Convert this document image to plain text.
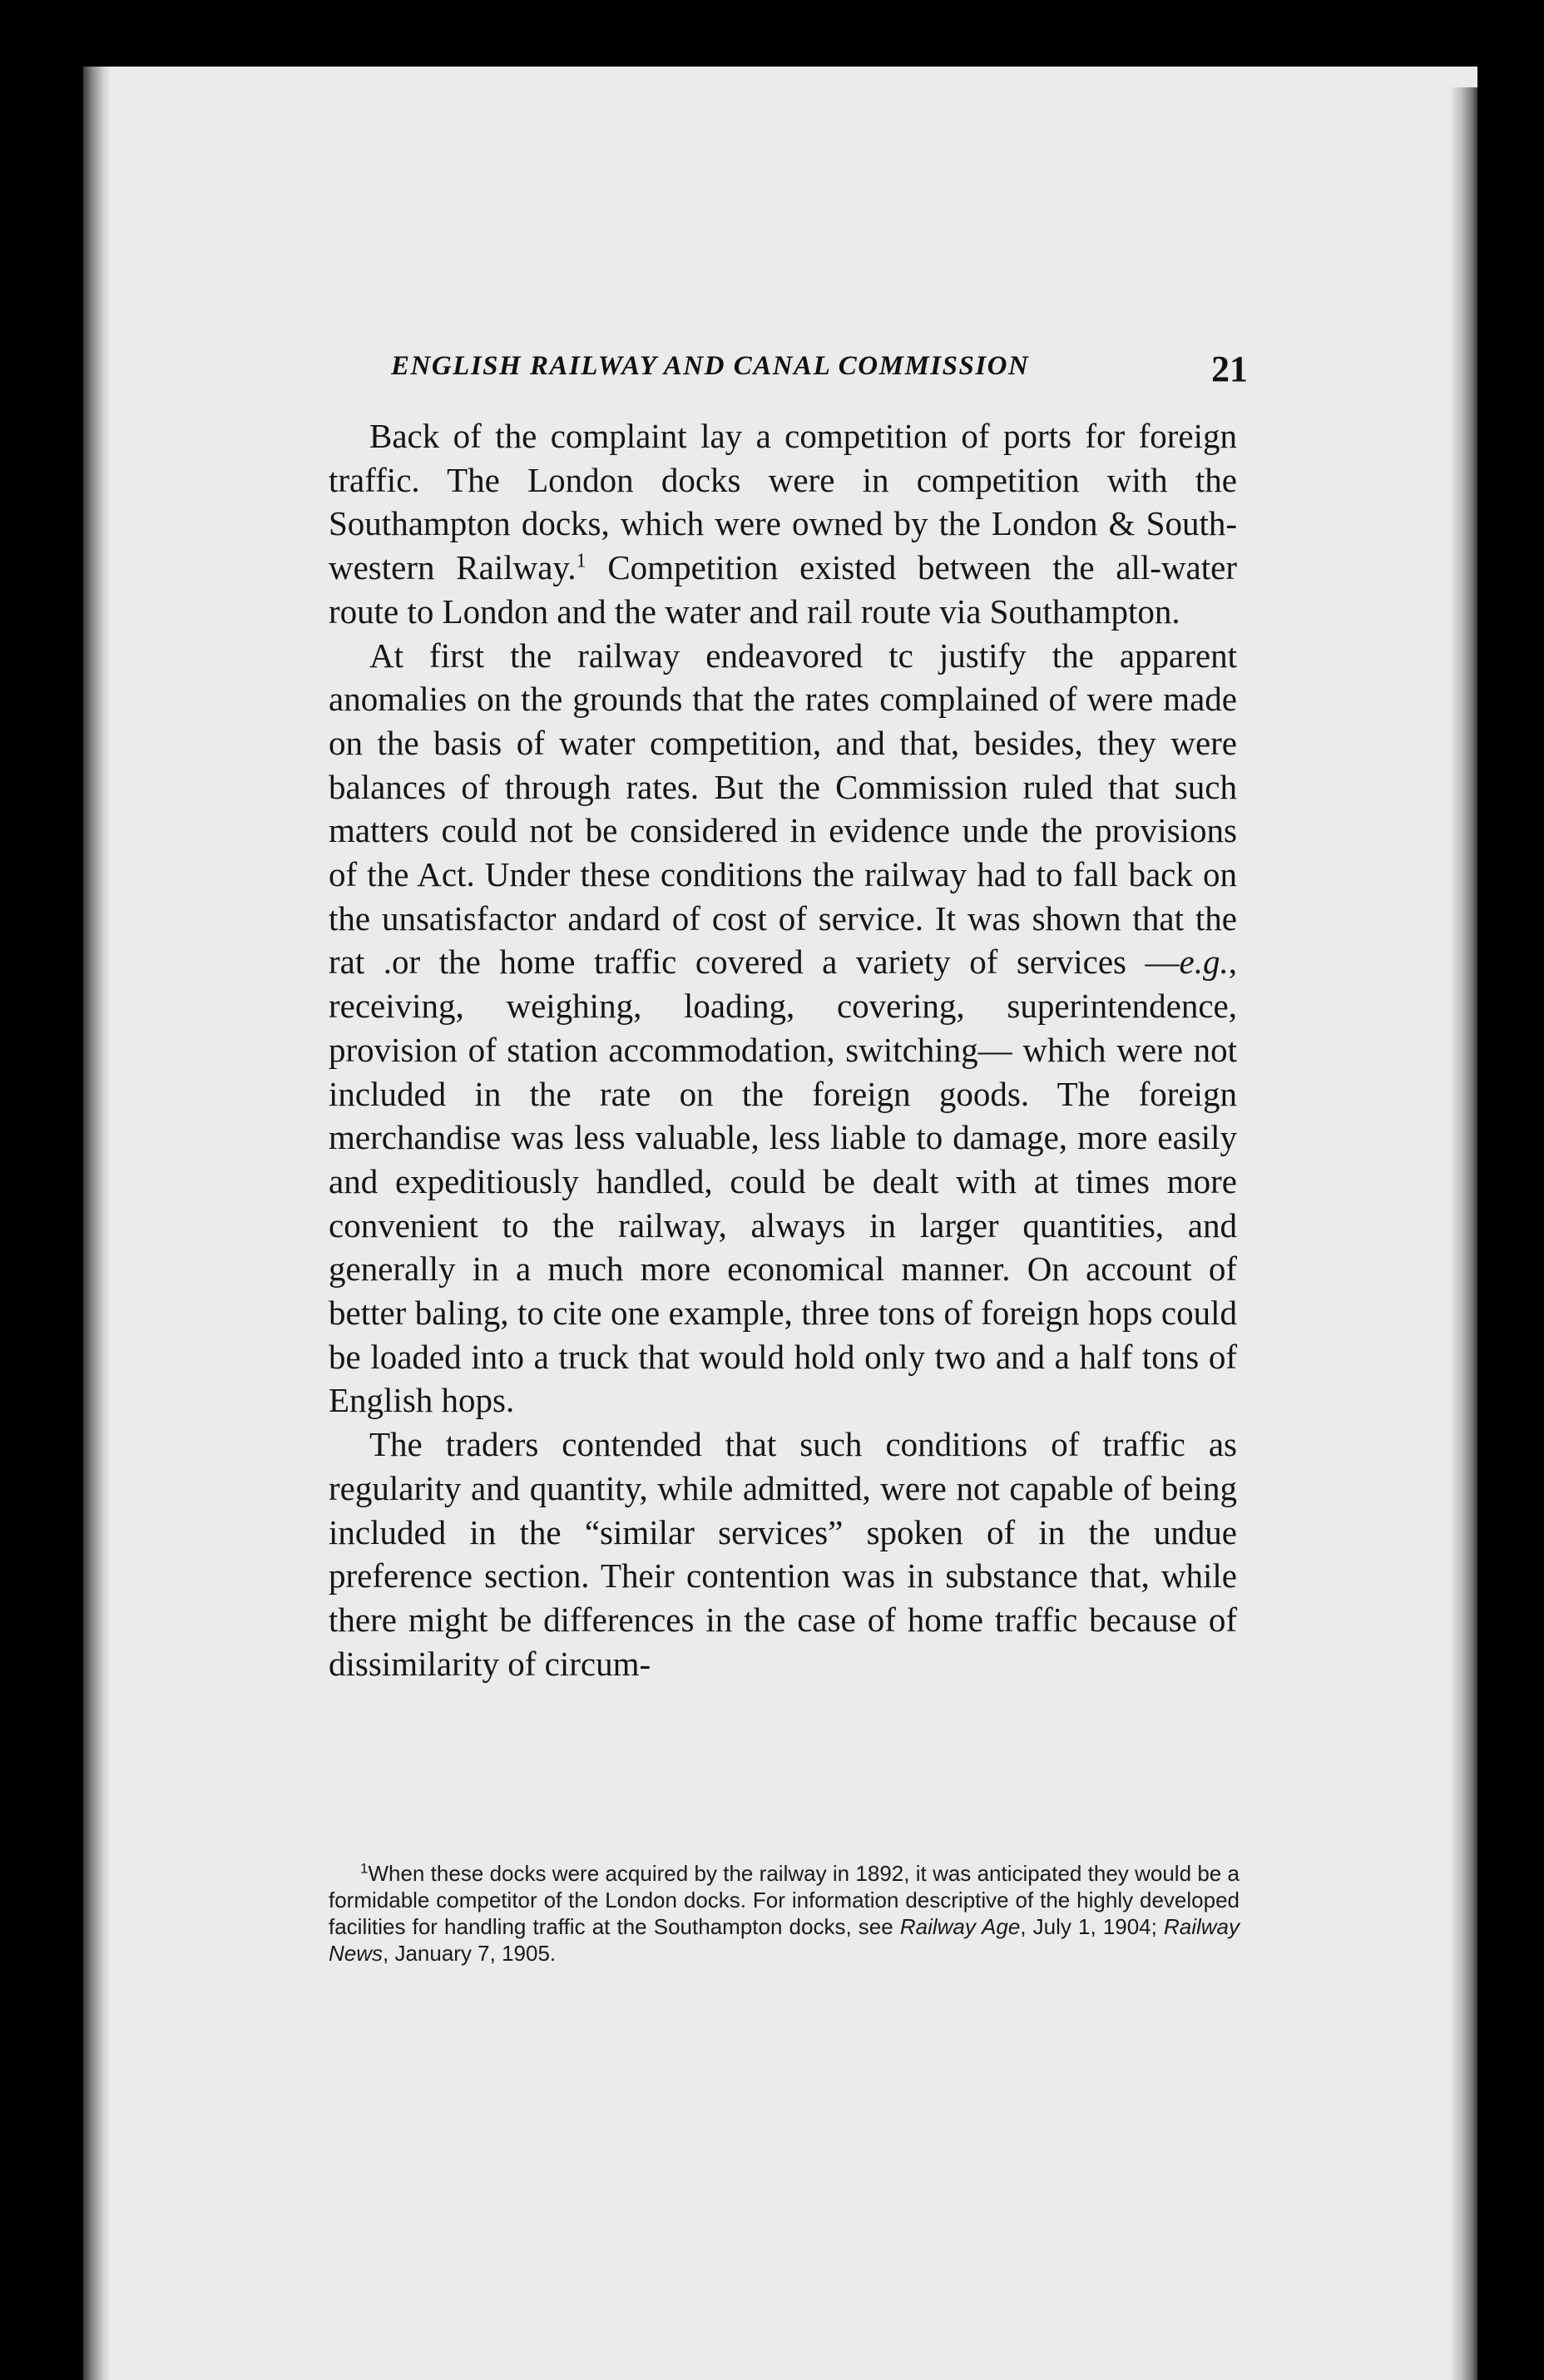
ENGLISH RAILWAY AND CANAL COMMISSION	21

Back of the complaint lay a competition of ports for foreign traffic. The London docks were in competition with the Southampton docks, which were owned by the London & South-western Railway.$^1$ Competition existed between the all-water route to London and the water and rail route via Southampton.

At first the railway endeavored tc justify the apparent anomalies on the grounds that the rates complained of were made on the basis of water competition, and that, besides, they were balances of through rates. But the Commission ruled that such matters could not be considered in evidence unde the provisions of the Act. Under these conditions the railway had to fall back on the unsatisfactor andard of cost of service. It was shown that the rat .or the home traffic covered a variety of services —e.g., receiving, weighing, loading, covering, superintendence, provision of station accommodation, switching— which were not included in the rate on the foreign goods. The foreign merchandise was less valuable, less liable to damage, more easily and expeditiously handled, could be dealt with at times more convenient to the railway, always in larger quantities, and generally in a much more economical manner. On account of better baling, to cite one example, three tons of foreign hops could be loaded into a truck that would hold only two and a half tons of English hops.

The traders contended that such conditions of traffic as regularity and quantity, while admitted, were not capable of being included in the “similar services” spoken of in the undue preference section. Their contention was in substance that, while there might be differences in the case of home traffic because of dissimilarity of circum-

$^1$When these docks were acquired by the railway in 1892, it was anticipated they would be a formidable competitor of the London docks. For information descriptive of the highly developed facilities for handling traffic at the Southampton docks, see Railway Age, July 1, 1904; Railway News, January 7, 1905.
